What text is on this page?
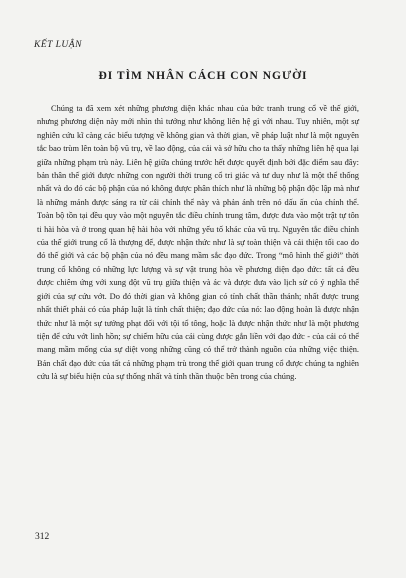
KẾT LUẬN
ĐI TÌM NHÂN CÁCH CON NGƯỜI

Chúng ta đã xem xét những phương diện khác nhau của bức tranh trung cổ về thế giới, nhưng phương diện này mới nhìn thì tưởng như không liên hệ gì với nhau. Tuy nhiên, một sự nghiên cứu kĩ càng các biểu tượng về không gian và thời gian, về pháp luật như là một nguyên tắc bao trùm lên toàn bộ vũ trụ, về lao động, của cải và sở hữu cho ta thấy những liên hệ qua lại giữa những phạm trù này. Liên hệ giữa chúng trước hết được quyết định bởi đặc điểm sau đây: bản thân thế giới được những con người thời trung cổ tri giác và tư duy như là một thể thống nhất và do đó các bộ phận của nó không được phân thích như là những bộ phận độc lập mà như là những mảnh được sáng ra từ cái chỉnh thể này và phản ánh trên nó dấu ấn của chỉnh thể. Toàn bộ tồn tại đều quy vào một nguyên tắc điều chỉnh trung tâm, được đưa vào một trật tự tôn ti hài hòa và ở trong quan hệ hài hòa với những yếu tố khác của vũ trụ. Nguyên tắc điều chỉnh của thế giới trung cổ là thượng đế, được nhận thức như là sự toàn thiện và cái thiện tối cao do đó thế giới và các bộ phận của nó đều mang mầm sắc đạo đức. Trong “mô hình thế giới” thời trung cổ không có những lực lượng và sự vật trung hòa về phương diện đạo đức: tất cả đều được chiêm ứng với xung đột vũ trụ giữa thiện và ác và được đưa vào lịch sử có ý nghĩa thế giới của sự cứu vớt. Do đó thời gian và không gian có tính chất thần thánh; nhất được trung nhất thiết phải có của pháp luật là tính chất thiện; đạo đức của nó: lao động hoàn là được nhận thức như là một sự tưởng phạt đối với tội tổ tông, hoặc là được nhận thức như là một phương tiện để cứu vớt linh hồn; sự chiếm hữu của cải cùng được gắn liền với đạo đức - của cải có thể mang mầm mống của sự diệt vong những cũng có thể trở thành nguồn của những việc thiện. Bản chất đạo đức của tất cả những phạm trù trong thế giới quan trung cổ được chúng ta nghiên cứu là sự biểu hiện của sự thống nhất và tính thần thuộc bên trong của chúng.

312
